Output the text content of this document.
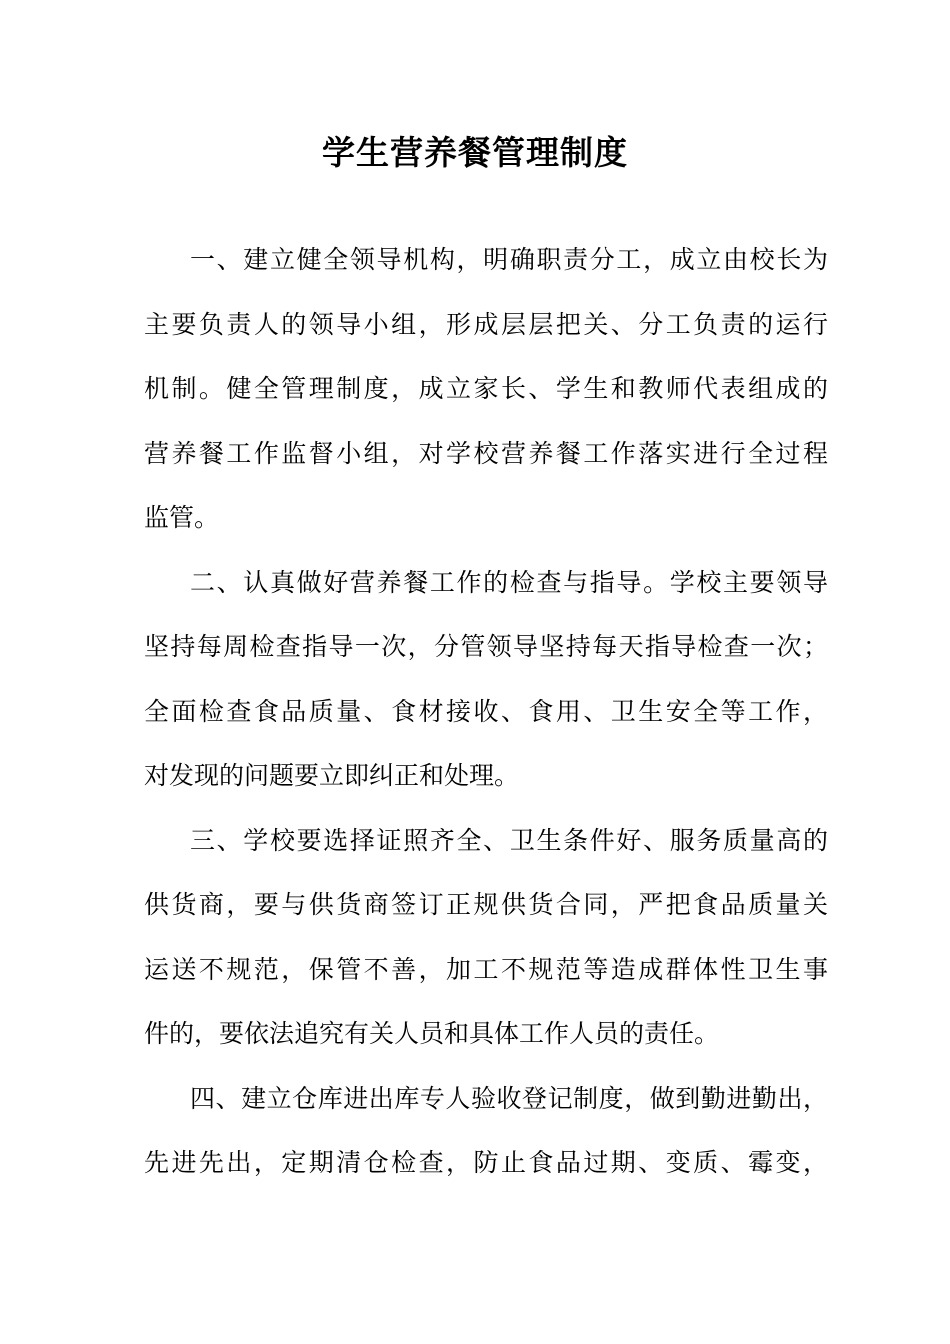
学生营养餐管理制度
一、建立健全领导机构，明确职责分工，成立由校长为
主要负责人的领导小组，形成层层把关、分工负责的运行
机制。健全管理制度，成立家长、学生和教师代表组成的
营养餐工作监督小组，对学校营养餐工作落实进行全过程
监管。
二、认真做好营养餐工作的检查与指导。学校主要领导
坚持每周检查指导一次，分管领导坚持每天指导检查一次；
全面检查食品质量、食材接收、食用、卫生安全等工作，
对发现的问题要立即纠正和处理。
三、学校要选择证照齐全、卫生条件好、服务质量高的
供货商，要与供货商签订正规供货合同，严把食品质量关
运送不规范，保管不善，加工不规范等造成群体性卫生事
件的，要依法追究有关人员和具体工作人员的责任。
四、建立仓库进出库专人验收登记制度，做到勤进勤出，
先进先出，定期清仓检查，防止食品过期、变质、霉变，
